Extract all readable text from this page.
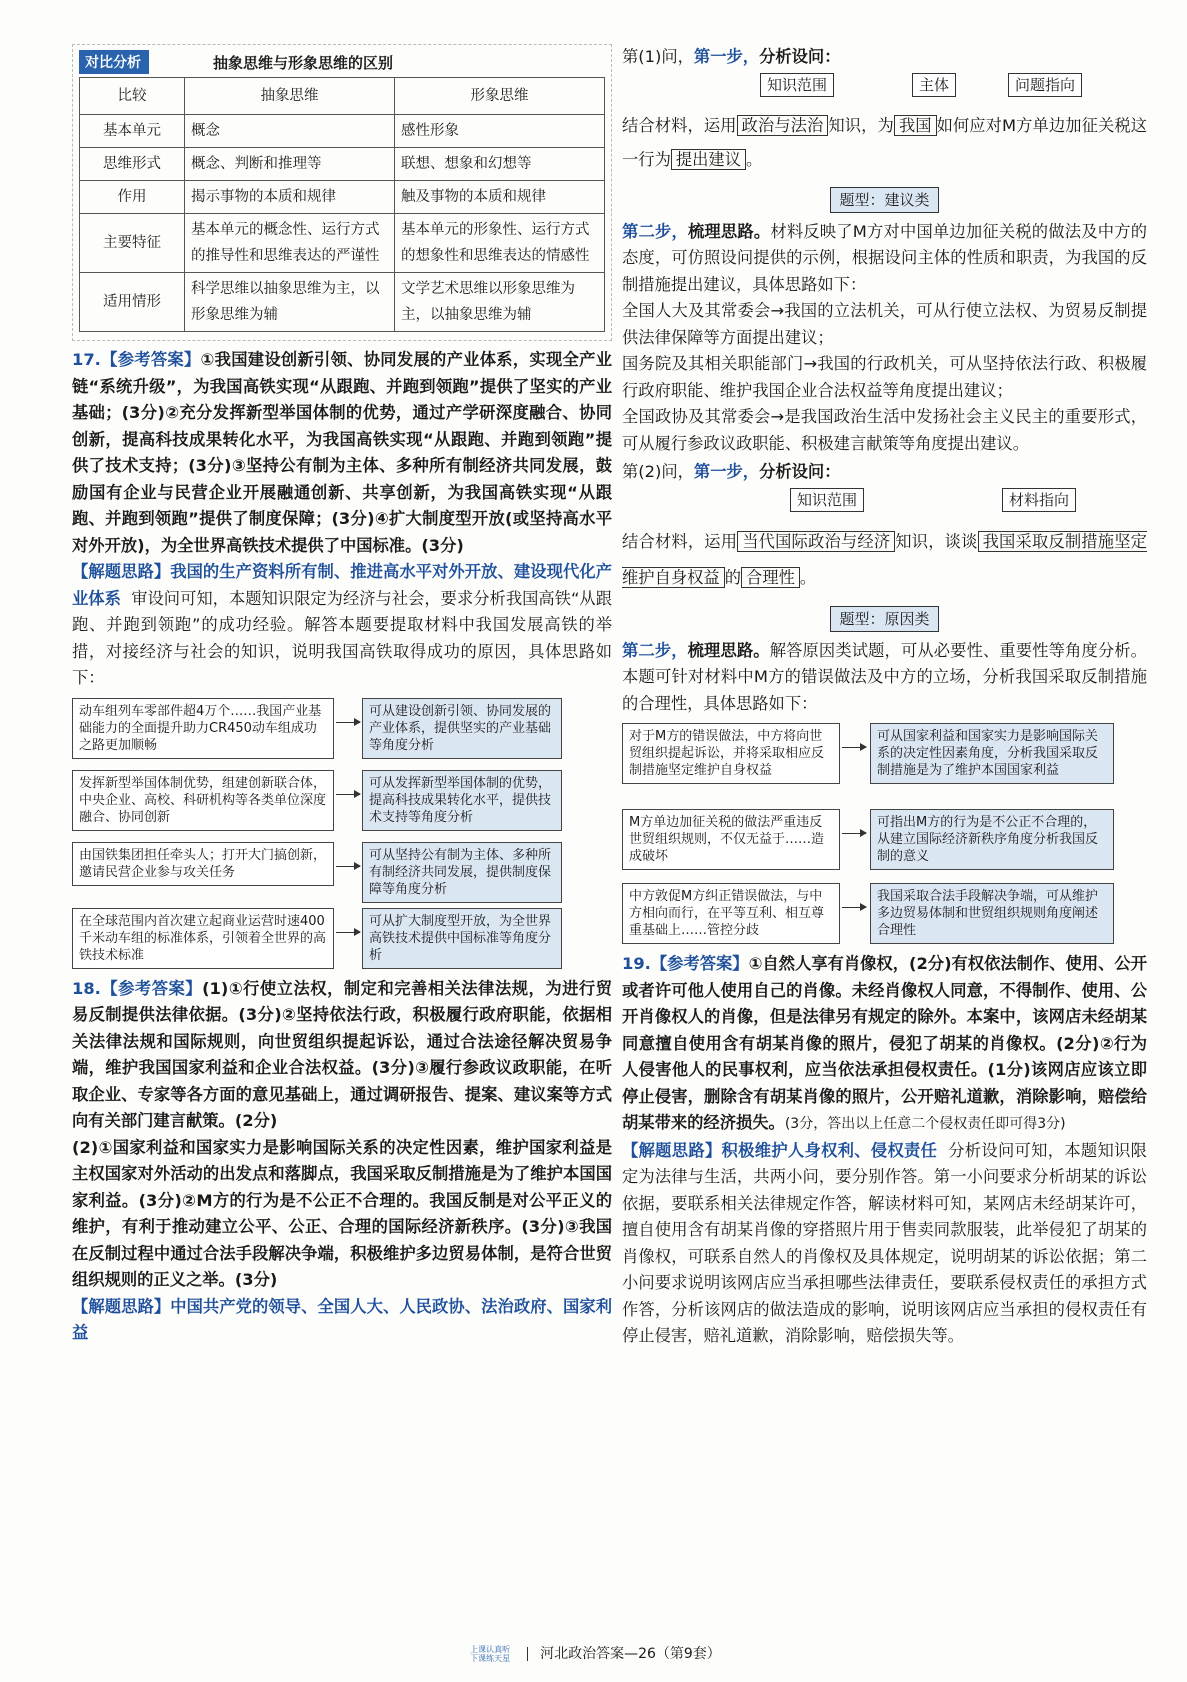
对比分析	抽象思维与形象思维的区别
比较	抽象思维	形象思维
基本单元	概念	感性形象
思维形式	概念、判断和推理等	联想、想象和幻想等
作用	揭示事物的本质和规律	触及事物的本质和规律
主要特征	基本单元的概念性、运行方式的推导性和思维表达的严谨性	基本单元的形象性、运行方式的想象性和思维表达的情感性
适用情形	科学思维以抽象思维为主，以形象思维为辅	文学艺术思维以形象思维为主，以抽象思维为辅

17.【参考答案】①我国建设创新引领、协同发展的产业体系，实现全产业链“系统升级”，为我国高铁实现“从跟跑、并跑到领跑”提供了坚实的产业基础；(3分)②充分发挥新型举国体制的优势，通过产学研深度融合、协同创新，提高科技成果转化水平，为我国高铁实现“从跟跑、并跑到领跑”提供了技术支持；(3分)③坚持公有制为主体、多种所有制经济共同发展，鼓励国有企业与民营企业开展融通创新、共享创新，为我国高铁实现“从跟跑、并跑到领跑”提供了制度保障；(3分)④扩大制度型开放(或坚持高水平对外开放)，为全世界高铁技术提供了中国标准。(3分)

【解题思路】我国的生产资料所有制、推进高水平对外开放、建设现代化产业体系 审设问可知，本题知识限定为经济与社会，要求分析我国高铁“从跟跑、并跑到领跑”的成功经验。解答本题要提取材料中我国发展高铁的举措，对接经济与社会的知识，说明我国高铁取得成功的原因，具体思路如下：

动车组列车零部件超4万个……我国产业基础能力的全面提升助力CR450动车组成功之路更加顺畅
可从建设创新引领、协同发展的产业体系，提供坚实的产业基础等角度分析
发挥新型举国体制优势，组建创新联合体，中央企业、高校、科研机构等各类单位深度融合、协同创新
可从发挥新型举国体制的优势，提高科技成果转化水平，提供技术支持等角度分析
由国铁集团担任牵头人；打开大门搞创新，邀请民营企业参与攻关任务
可从坚持公有制为主体、多种所有制经济共同发展，提供制度保障等角度分析
在全球范围内首次建立起商业运营时速400千米动车组的标准体系，引领着全世界的高铁技术标准
可从扩大制度型开放，为全世界高铁技术提供中国标准等角度分析

18.【参考答案】(1)①行使立法权，制定和完善相关法律法规，为进行贸易反制提供法律依据。(3分)②坚持依法行政，积极履行政府职能，依据相关法律法规和国际规则，向世贸组织提起诉讼，通过合法途径解决贸易争端，维护我国国家利益和企业合法权益。(3分)③履行参政议政职能，在听取企业、专家等各方面的意见基础上，通过调研报告、提案、建议案等方式向有关部门建言献策。(2分)

(2)①国家利益和国家实力是影响国际关系的决定性因素，维护国家利益是主权国家对外活动的出发点和落脚点，我国采取反制措施是为了维护本国国家利益。(3分)②M方的行为是不公正不合理的。我国反制是对公平正义的维护，有利于推动建立公平、公正、合理的国际经济新秩序。(3分)③我国在反制过程中通过合法手段解决争端，积极维护多边贸易体制，是符合世贸组织规则的正义之举。(3分)

【解题思路】中国共产党的领导、全国人大、人民政协、法治政府、国家利益

第(1)问，第一步，分析设问：

知识范围	主体	问题指向

结合材料，运用 政治与法治 知识，为 我国 如何应对M方单边加征关税这一行为 提出建议 。

题型：建议类

第二步，梳理思路。材料反映了M方对中国单边加征关税的做法及中方的态度，可仿照设问提供的示例，根据设问主体的性质和职责，为我国的反制措施提出建议，具体思路如下：

全国人大及其常委会→我国的立法机关，可从行使立法权、为贸易反制提供法律保障等方面提出建议；

国务院及其相关职能部门→我国的行政机关，可从坚持依法行政、积极履行政府职能、维护我国企业合法权益等角度提出建议；

全国政协及其常委会→是我国政治生活中发扬社会主义民主的重要形式，可从履行参政议政职能、积极建言献策等角度提出建议。

第(2)问，第一步，分析设问：

知识范围	材料指向

结合材料，运用 当代国际政治与经济 知识，谈谈 我国采取反制措施坚定维护自身权益 的 合理性 。

题型：原因类

第二步，梳理思路。解答原因类试题，可从必要性、重要性等角度分析。本题可针对材料中M方的错误做法及中方的立场，分析我国采取反制措施的合理性，具体思路如下：

对于M方的错误做法，中方将向世贸组织提起诉讼，并将采取相应反制措施坚定维护自身权益
可从国家利益和国家实力是影响国际关系的决定性因素角度，分析我国采取反制措施是为了维护本国国家利益
M方单边加征关税的做法严重违反世贸组织规则，不仅无益于……造成破坏
可指出M方的行为是不公正不合理的，从建立国际经济新秩序角度分析我国反制的意义
中方敦促M方纠正错误做法，与中方相向而行，在平等互利、相互尊重基础上……管控分歧
我国采取合法手段解决争端，可从维护多边贸易体制和世贸组织规则角度阐述合理性

19.【参考答案】①自然人享有肖像权，(2分)有权依法制作、使用、公开或者许可他人使用自己的肖像。未经肖像权人同意，不得制作、使用、公开肖像权人的肖像，但是法律另有规定的除外。本案中，该网店未经胡某同意擅自使用含有胡某肖像的照片，侵犯了胡某的肖像权。(2分)②行为人侵害他人的民事权利，应当依法承担侵权责任。(1分)该网店应该立即停止侵害，删除含有胡某肖像的照片，公开赔礼道歉，消除影响，赔偿给胡某带来的经济损失。(3分，答出以上任意二个侵权责任即可得3分)

【解题思路】积极维护人身权利、侵权责任 分析设问可知，本题知识限定为法律与生活，共两小问，要分别作答。第一小问要求分析胡某的诉讼依据，要联系相关法律规定作答，解读材料可知，某网店未经胡某许可，擅自使用含有胡某肖像的穿搭照片用于售卖同款服装，此举侵犯了胡某的肖像权，可联系自然人的肖像权及具体规定，说明胡某的诉讼依据；第二小问要求说明该网店应当承担哪些法律责任，要联系侵权责任的承担方式作答，分析该网店的做法造成的影响，说明该网店应当承担的侵权责任有停止侵害，赔礼道歉，消除影响，赔偿损失等。

上课认真听 下课练天星 河北政治答案—26（第9套）
